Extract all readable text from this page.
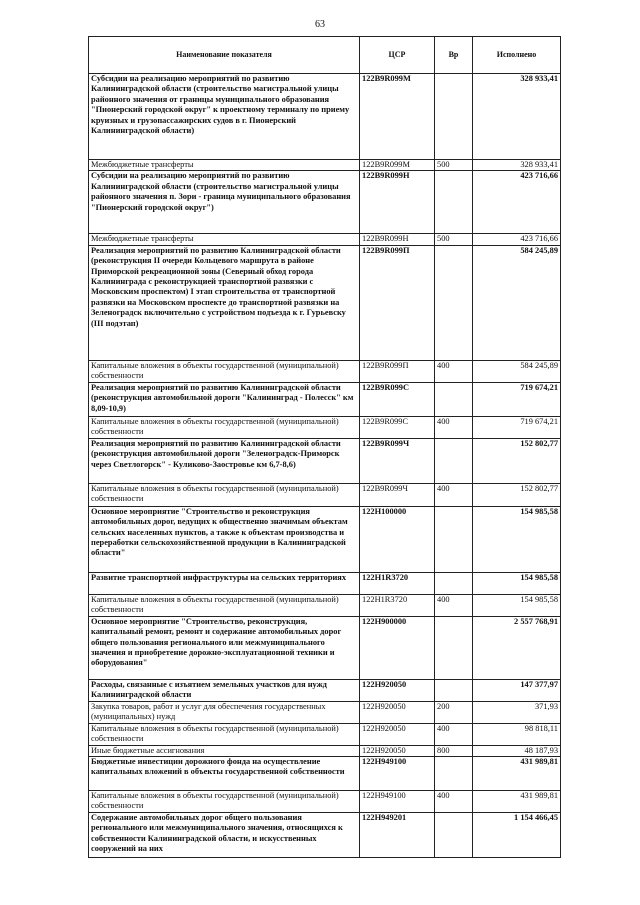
63
Наименование показателя	ЦСР	Вр	Исполнено
Субсидии на реализацию мероприятий по развитию Калининградской области (строительство магистральной улицы районного значения от границы муниципального образования "Пионерский городской округ" к проектному терминалу по приему круизных и грузопассажирских судов в г. Пионерский Калининградской области)	122В9R099М		328 933,41
Межбюджетные трансферты	122В9R099М	500	328 933,41
Субсидии на реализацию мероприятий по развитию Калининградской области (строительство магистральной улицы районного значения п. Зори - граница муниципального образования "Пионерский городской округ")	122В9R099Н		423 716,66
Межбюджетные трансферты	122В9R099Н	500	423 716,66
Реализация мероприятий по развитию Калининградской области (реконструкция II очереди Кольцевого маршрута в районе Приморской рекреационной зоны (Северный обход города Калининграда с реконструкцией транспортной развязки с Московским проспектом) I этап строительства от транспортной развязки на Московском проспекте до транспортной развязки на Зеленоградск включительно с устройством подъезда к г. Гурьевску (III подэтап)	122В9R099П		584 245,89
Капитальные вложения в объекты государственной (муниципальной) собственности	122В9R099П	400	584 245,89
Реализация мероприятий по развитию Калининградской области (реконструкция автомобильной дороги "Калининград - Полесск" км 8,09-10,9)	122В9R099С		719 674,21
Капитальные вложения в объекты государственной (муниципальной) собственности	122В9R099С	400	719 674,21
Реализация мероприятий по развитию Калининградской области (реконструкция автомобильной дороги "Зеленоградск-Приморск через Светлогорск" - Куликово-Заостровье км 6,7-8,6)	122В9R099Ч		152 802,77
Капитальные вложения в объекты государственной (муниципальной) собственности	122В9R099Ч	400	152 802,77
Основное мероприятие "Строительство и реконструкция автомобильных дорог, ведущих к общественно значимым объектам сельских населенных пунктов, а также к объектам производства и переработки сельскохозяйственной продукции в Калининградской области"	122Н100000		154 985,58
Развитие транспортной инфраструктуры на сельских территориях	122Н1R3720		154 985,58
Капитальные вложения в объекты государственной (муниципальной) собственности	122Н1R3720	400	154 985,58
Основное мероприятие "Строительство, реконструкция, капитальный ремонт, ремонт и содержание автомобильных дорог общего пользования регионального или межмуниципального значения и приобретение дорожно-эксплуатационной техники и оборудования"	122Н900000		2 557 768,91
Расходы, связанные с изъятием земельных участков для нужд Калининградской области	122Н920050		147 377,97
Закупка товаров, работ и услуг для обеспечения государственных (муниципальных) нужд	122Н920050	200	371,93
Капитальные вложения в объекты государственной (муниципальной) собственности	122Н920050	400	98 818,11
Иные бюджетные ассигнования	122Н920050	800	48 187,93
Бюджетные инвестиции дорожного фонда на осуществление капитальных вложений в объекты государственной собственности	122Н949100		431 989,81
Капитальные вложения в объекты государственной (муниципальной) собственности	122Н949100	400	431 989,81
Содержание автомобильных дорог общего пользования регионального или межмуниципального значения, относящихся к собственности Калининградской области, и искусственных сооружений на них	122Н949201		1 154 466,45
